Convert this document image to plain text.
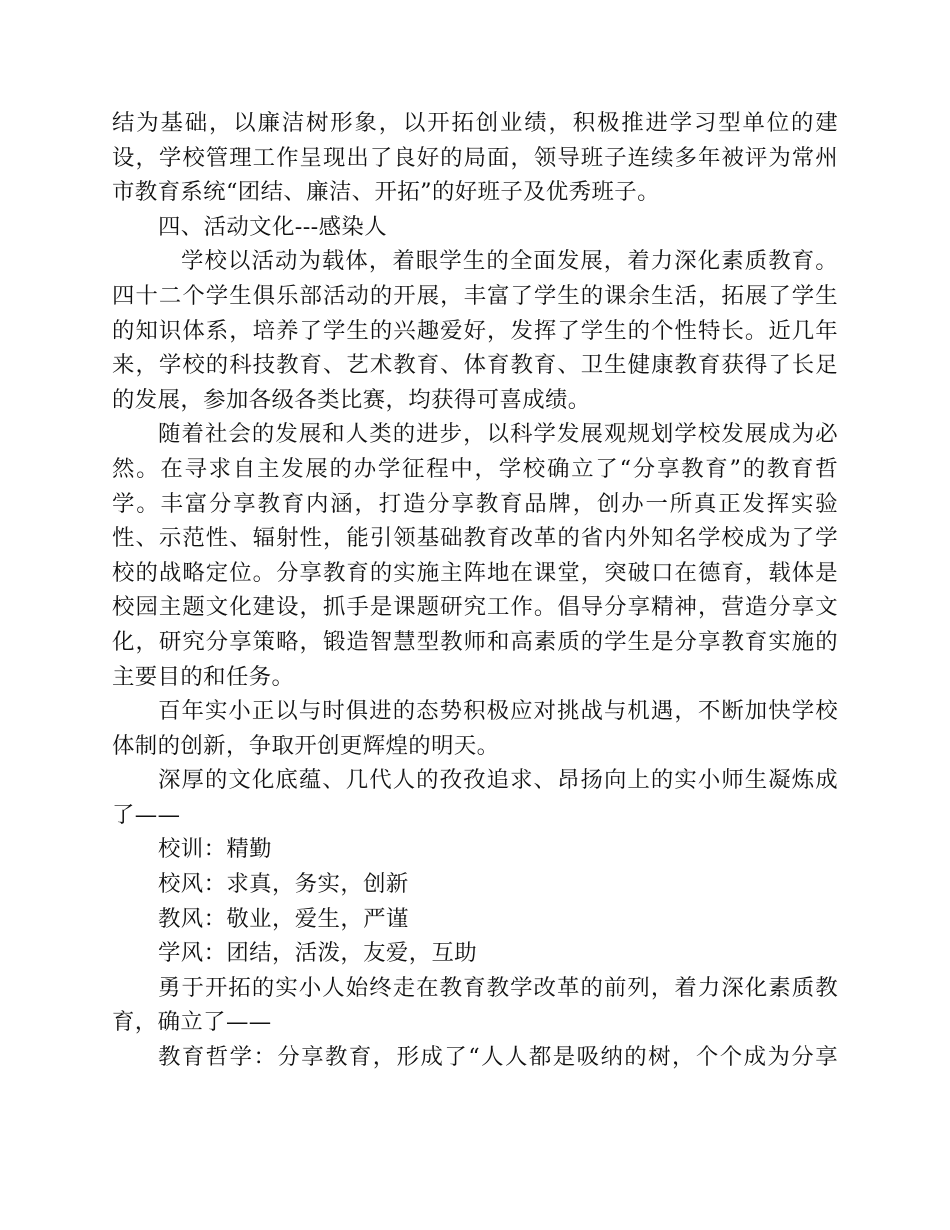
结为基础，以廉洁树形象，以开拓创业绩，积极推进学习型单位的建
设，学校管理工作呈现出了良好的局面，领导班子连续多年被评为常州
市教育系统“团结、廉洁、开拓”的好班子及优秀班子。
四、活动文化---感染人
学校以活动为载体，着眼学生的全面发展，着力深化素质教育。
四十二个学生俱乐部活动的开展，丰富了学生的课余生活，拓展了学生
的知识体系，培养了学生的兴趣爱好，发挥了学生的个性特长。近几年
来，学校的科技教育、艺术教育、体育教育、卫生健康教育获得了长足
的发展，参加各级各类比赛，均获得可喜成绩。
随着社会的发展和人类的进步，以科学发展观规划学校发展成为必
然。在寻求自主发展的办学征程中，学校确立了“分享教育”的教育哲
学。丰富分享教育内涵，打造分享教育品牌，创办一所真正发挥实验
性、示范性、辐射性，能引领基础教育改革的省内外知名学校成为了学
校的战略定位。分享教育的实施主阵地在课堂，突破口在德育，载体是
校园主题文化建设，抓手是课题研究工作。倡导分享精神，营造分享文
化，研究分享策略，锻造智慧型教师和高素质的学生是分享教育实施的
主要目的和任务。
百年实小正以与时俱进的态势积极应对挑战与机遇，不断加快学校
体制的创新，争取开创更辉煌的明天。
深厚的文化底蕴、几代人的孜孜追求、昂扬向上的实小师生凝炼成
了——
校训：精勤
校风：求真，务实，创新
教风：敬业，爱生，严谨
学风：团结，活泼，友爱，互助
勇于开拓的实小人始终走在教育教学改革的前列，着力深化素质教
育，确立了——
教育哲学：分享教育，形成了“人人都是吸纳的树，个个成为分享
